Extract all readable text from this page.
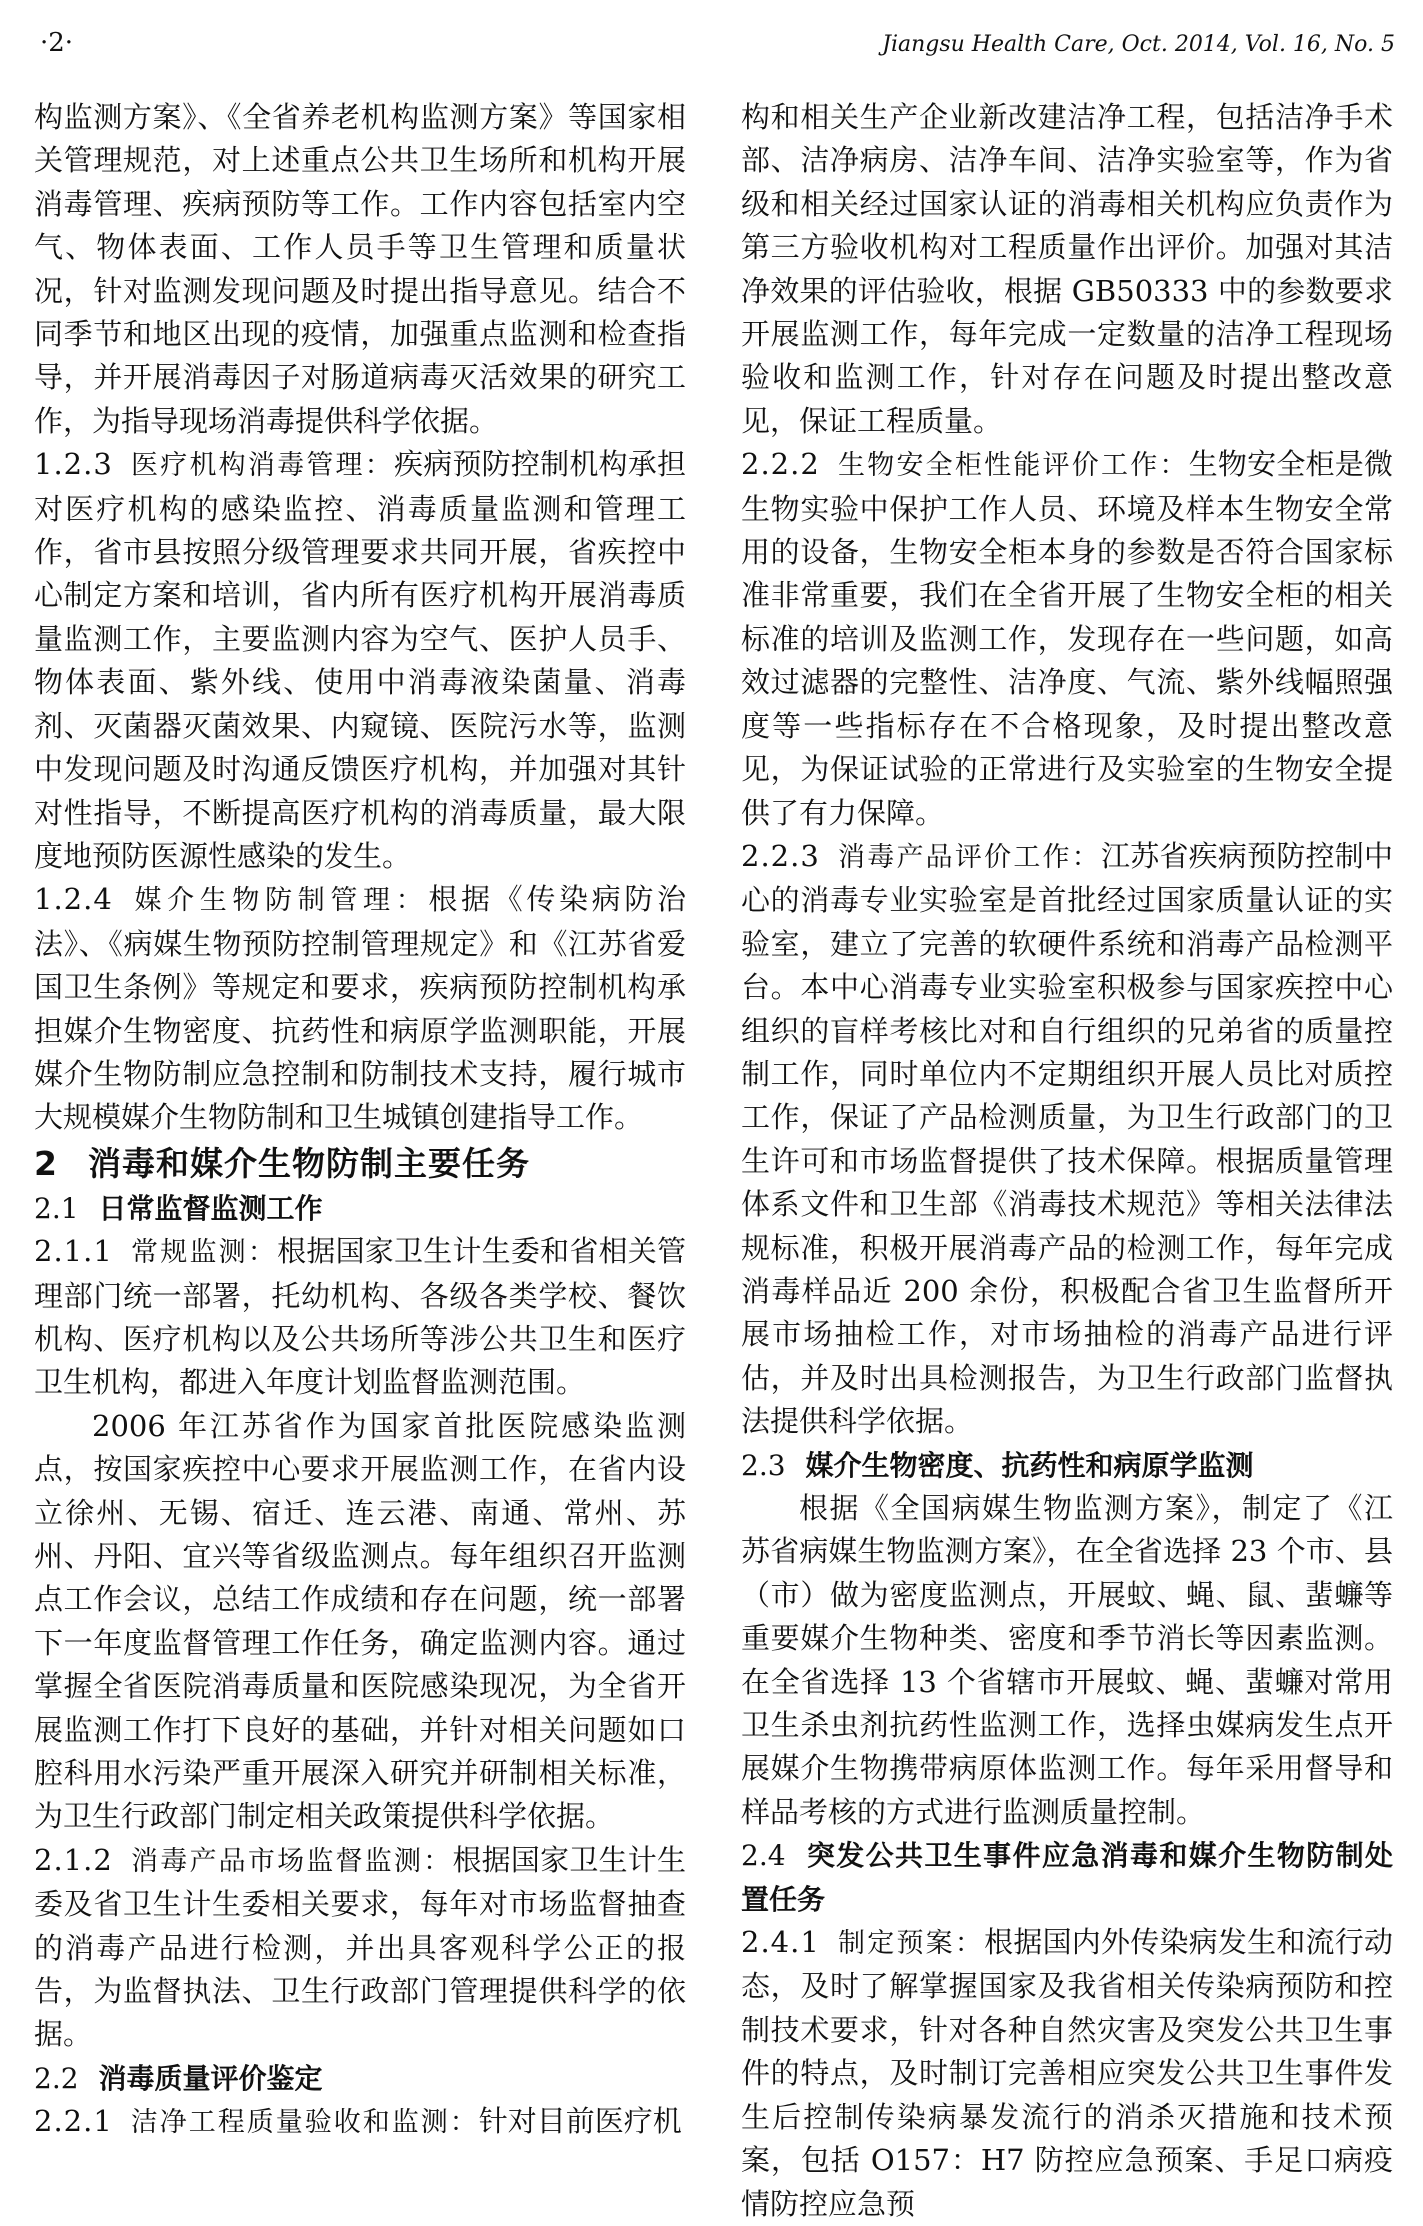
·2·	Jiangsu Health Care, Oct. 2014, Vol. 16, No. 5

构监测方案》、《全省养老机构监测方案》等国家相关管理规范，对上述重点公共卫生场所和机构开展消毒管理、疾病预防等工作。工作内容包括室内空气、物体表面、工作人员手等卫生管理和质量状况，针对监测发现问题及时提出指导意见。结合不同季节和地区出现的疫情，加强重点监测和检查指导，并开展消毒因子对肠道病毒灭活效果的研究工作，为指导现场消毒提供科学依据。

1.2.3 医疗机构消毒管理：疾病预防控制机构承担对医疗机构的感染监控、消毒质量监测和管理工作，省市县按照分级管理要求共同开展，省疾控中心制定方案和培训，省内所有医疗机构开展消毒质量监测工作，主要监测内容为空气、医护人员手、物体表面、紫外线、使用中消毒液染菌量、消毒剂、灭菌器灭菌效果、内窥镜、医院污水等，监测中发现问题及时沟通反馈医疗机构，并加强对其针对性指导，不断提高医疗机构的消毒质量，最大限度地预防医源性感染的发生。

1.2.4 媒介生物防制管理：根据《传染病防治法》、《病媒生物预防控制管理规定》和《江苏省爱国卫生条例》等规定和要求，疾病预防控制机构承担媒介生物密度、抗药性和病原学监测职能，开展媒介生物防制应急控制和防制技术支持，履行城市大规模媒介生物防制和卫生城镇创建指导工作。

2 消毒和媒介生物防制主要任务
2.1 日常监督监测工作

2.1.1 常规监测：根据国家卫生计生委和省相关管理部门统一部署，托幼机构、各级各类学校、餐饮机构、医疗机构以及公共场所等涉公共卫生和医疗卫生机构，都进入年度计划监督监测范围。

2006 年江苏省作为国家首批医院感染监测点，按国家疾控中心要求开展监测工作，在省内设立徐州、无锡、宿迁、连云港、南通、常州、苏州、丹阳、宜兴等省级监测点。每年组织召开监测点工作会议，总结工作成绩和存在问题，统一部署下一年度监督管理工作任务，确定监测内容。通过掌握全省医院消毒质量和医院感染现况，为全省开展监测工作打下良好的基础，并针对相关问题如口腔科用水污染严重开展深入研究并研制相关标准，为卫生行政部门制定相关政策提供科学依据。

2.1.2 消毒产品市场监督监测：根据国家卫生计生委及省卫生计生委相关要求，每年对市场监督抽查的消毒产品进行检测，并出具客观科学公正的报告，为监督执法、卫生行政部门管理提供科学的依据。

2.2 消毒质量评价鉴定

2.2.1 洁净工程质量验收和监测：针对目前医疗机

构和相关生产企业新改建洁净工程，包括洁净手术部、洁净病房、洁净车间、洁净实验室等，作为省级和相关经过国家认证的消毒相关机构应负责作为第三方验收机构对工程质量作出评价。加强对其洁净效果的评估验收，根据 GB50333 中的参数要求开展监测工作，每年完成一定数量的洁净工程现场验收和监测工作，针对存在问题及时提出整改意见，保证工程质量。

2.2.2 生物安全柜性能评价工作：生物安全柜是微生物实验中保护工作人员、环境及样本生物安全常用的设备，生物安全柜本身的参数是否符合国家标准非常重要，我们在全省开展了生物安全柜的相关标准的培训及监测工作，发现存在一些问题，如高效过滤器的完整性、洁净度、气流、紫外线幅照强度等一些指标存在不合格现象，及时提出整改意见，为保证试验的正常进行及实验室的生物安全提供了有力保障。

2.2.3 消毒产品评价工作：江苏省疾病预防控制中心的消毒专业实验室是首批经过国家质量认证的实验室，建立了完善的软硬件系统和消毒产品检测平台。本中心消毒专业实验室积极参与国家疾控中心组织的盲样考核比对和自行组织的兄弟省的质量控制工作，同时单位内不定期组织开展人员比对质控工作，保证了产品检测质量，为卫生行政部门的卫生许可和市场监督提供了技术保障。根据质量管理体系文件和卫生部《消毒技术规范》等相关法律法规标准，积极开展消毒产品的检测工作，每年完成消毒样品近 200 余份，积极配合省卫生监督所开展市场抽检工作，对市场抽检的消毒产品进行评估，并及时出具检测报告，为卫生行政部门监督执法提供科学依据。

2.3 媒介生物密度、抗药性和病原学监测

根据《全国病媒生物监测方案》，制定了《江苏省病媒生物监测方案》，在全省选择 23 个市、县（市）做为密度监测点，开展蚊、蝇、鼠、蜚蠊等重要媒介生物种类、密度和季节消长等因素监测。在全省选择 13 个省辖市开展蚊、蝇、蜚蠊对常用卫生杀虫剂抗药性监测工作，选择虫媒病发生点开展媒介生物携带病原体监测工作。每年采用督导和样品考核的方式进行监测质量控制。

2.4 突发公共卫生事件应急消毒和媒介生物防制处置任务

2.4.1 制定预案：根据国内外传染病发生和流行动态，及时了解掌握国家及我省相关传染病预防和控制技术要求，针对各种自然灾害及突发公共卫生事件的特点，及时制订完善相应突发公共卫生事件发生后控制传染病暴发流行的消杀灭措施和技术预案，包括 O157：H7 防控应急预案、手足口病疫情防控应急预
